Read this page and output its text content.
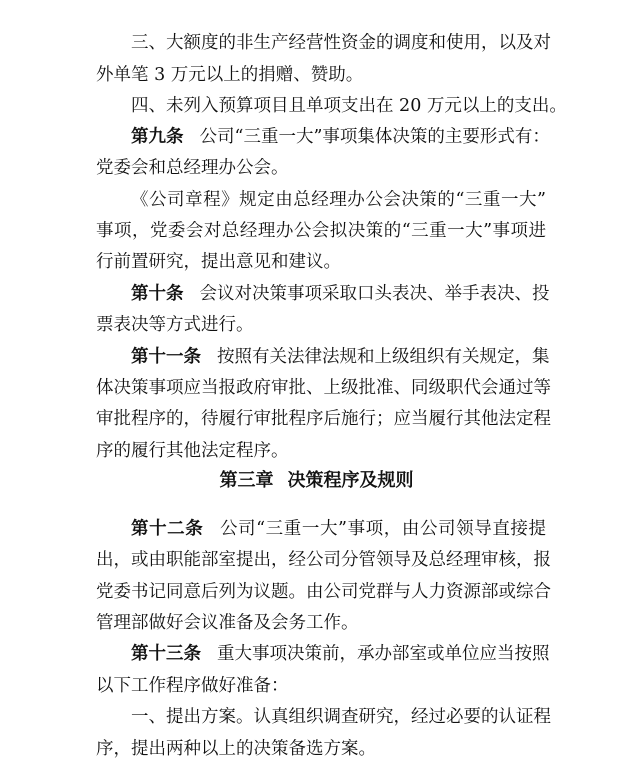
三、大额度的非生产经营性资金的调度和使用，以及对
外单笔 3 万元以上的捐赠、赞助。
四、未列入预算项目且单项支出在 20 万元以上的支出。
第九条 公司“三重一大”事项集体决策的主要形式有：
党委会和总经理办公会。
《公司章程》规定由总经理办公会决策的“三重一大”
事项，党委会对总经理办公会拟决策的“三重一大”事项进
行前置研究，提出意见和建议。
第十条 会议对决策事项采取口头表决、举手表决、投
票表决等方式进行。
第十一条 按照有关法律法规和上级组织有关规定，集
体决策事项应当报政府审批、上级批准、同级职代会通过等
审批程序的，待履行审批程序后施行；应当履行其他法定程
序的履行其他法定程序。
第三章 决策程序及规则
第十二条 公司“三重一大”事项，由公司领导直接提
出，或由职能部室提出，经公司分管领导及总经理审核，报
党委书记同意后列为议题。由公司党群与人力资源部或综合
管理部做好会议准备及会务工作。
第十三条 重大事项决策前，承办部室或单位应当按照
以下工作程序做好准备：
一、提出方案。认真组织调查研究，经过必要的认证程
序，提出两种以上的决策备选方案。
